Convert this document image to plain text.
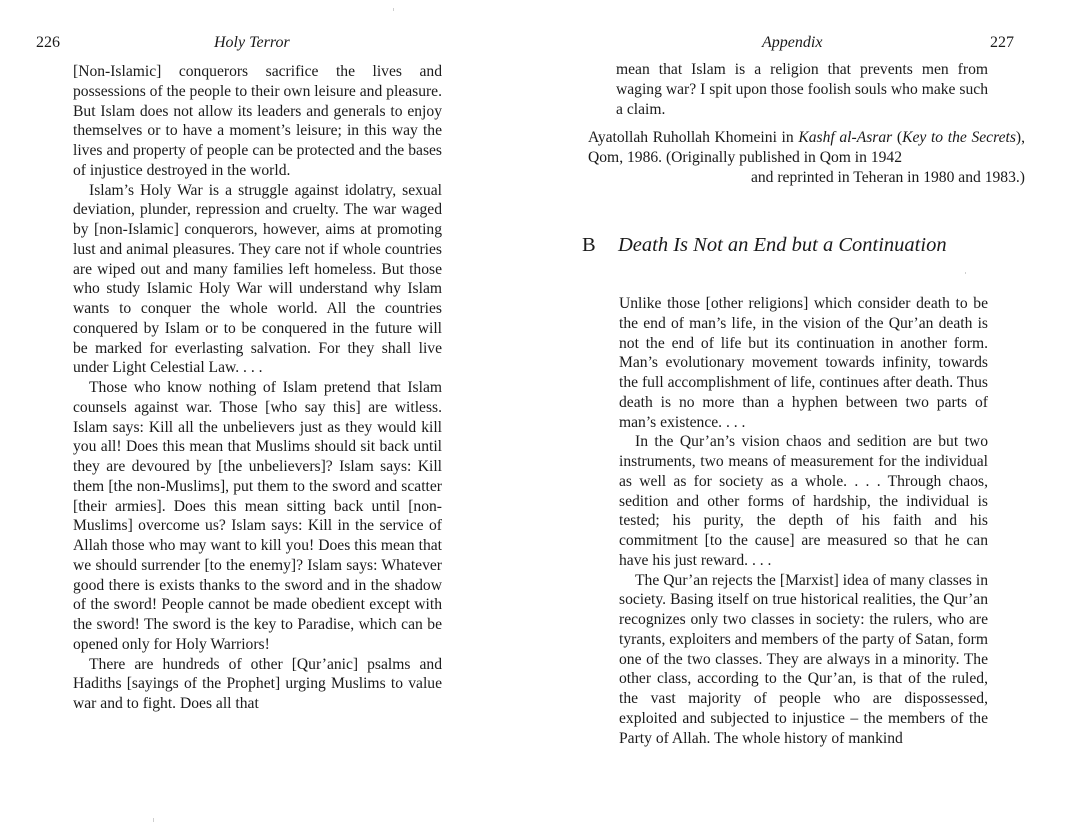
226	Holy Terror

[Non-Islamic] conquerors sacrifice the lives and possessions of the people to their own leisure and pleasure. But Islam does not allow its leaders and generals to enjoy themselves or to have a moment’s leisure; in this way the lives and property of people can be protected and the bases of injustice destroyed in the world.

Islam’s Holy War is a struggle against idolatry, sexual deviation, plunder, repression and cruelty. The war waged by [non-Islamic] conquerors, however, aims at promoting lust and animal pleasures. They care not if whole countries are wiped out and many families left homeless. But those who study Islamic Holy War will understand why Islam wants to conquer the whole world. All the countries conquered by Islam or to be conquered in the future will be marked for everlasting salvation. For they shall live under Light Celestial Law. . . .

Those who know nothing of Islam pretend that Islam counsels against war. Those [who say this] are witless. Islam says: Kill all the unbelievers just as they would kill you all! Does this mean that Muslims should sit back until they are devoured by [the unbelievers]? Islam says: Kill them [the non-Muslims], put them to the sword and scatter [their armies]. Does this mean sitting back until [non-Muslims] overcome us? Islam says: Kill in the service of Allah those who may want to kill you! Does this mean that we should surrender [to the enemy]? Islam says: Whatever good there is exists thanks to the sword and in the shadow of the sword! People cannot be made obedient except with the sword! The sword is the key to Paradise, which can be opened only for Holy Warriors!

There are hundreds of other [Qur’anic] psalms and Hadiths [sayings of the Prophet] urging Muslims to value war and to fight. Does all that

Appendix	227

mean that Islam is a religion that prevents men from waging war? I spit upon those foolish souls who make such a claim.

Ayatollah Ruhollah Khomeini in Kashf al-Asrar (Key to the Secrets), Qom, 1986. (Originally published in Qom in 1942
and reprinted in Teheran in 1980 and 1983.)
B Death Is Not an End but a Continuation

Unlike those [other religions] which consider death to be the end of man’s life, in the vision of the Qur’an death is not the end of life but its continuation in another form. Man’s evolutionary movement towards infinity, towards the full accomplishment of life, continues after death. Thus death is no more than a hyphen between two parts of man’s existence. . . .

In the Qur’an’s vision chaos and sedition are but two instruments, two means of measurement for the individual as well as for society as a whole. . . . Through chaos, sedition and other forms of hardship, the individual is tested; his purity, the depth of his faith and his commitment [to the cause] are measured so that he can have his just reward. . . .

The Qur’an rejects the [Marxist] idea of many classes in society. Basing itself on true historical realities, the Qur’an recognizes only two classes in society: the rulers, who are tyrants, exploiters and members of the party of Satan, form one of the two classes. They are always in a minority. The other class, according to the Qur’an, is that of the ruled, the vast majority of people who are dispossessed, exploited and subjected to injustice – the members of the Party of Allah. The whole history of mankind
